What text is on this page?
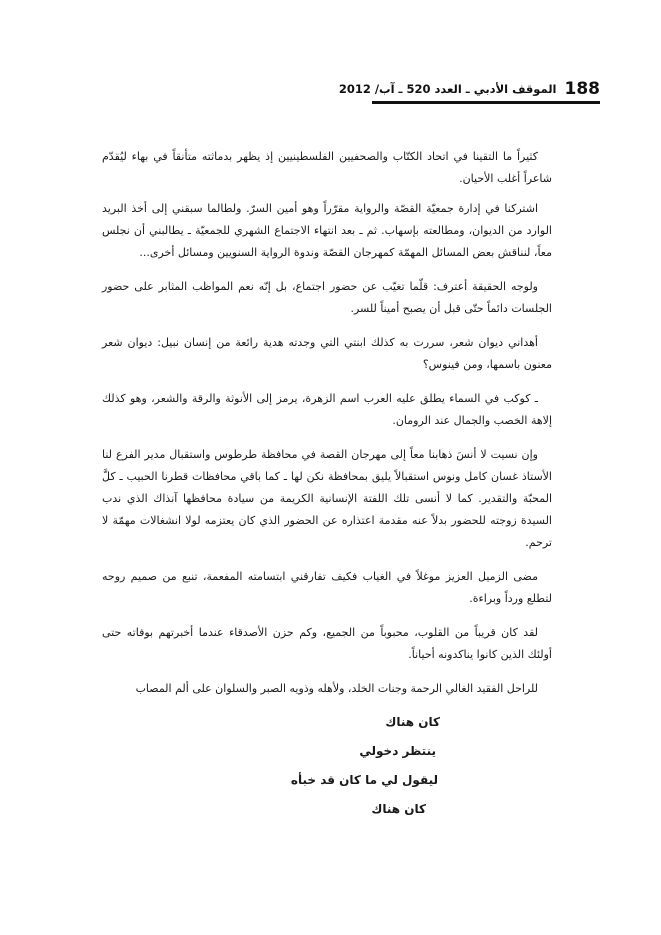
188
الموقف الأدبي ـ العدد 520 ـ آب/ 2012

كثيراً ما التقينا في اتحاد الكتّاب والصحفيين الفلسطينيين إذ يظهر بدماثته متأنقاً في بهاء ليُقدّم شاعراً أغلب الأحيان.

اشتركنا في إدارة جمعيّة القصّة والرواية مقرّراً وهو أمين السرّ. ولطالما سبقني إلى أخذ البريد الوارد من الديوان، ومطالعته بإسهاب. ثم ـ بعد انتهاء الاجتماع الشهري للجمعيّة ـ يطالبني أن نجلس معاً، لنناقش بعض المسائل المهمّة كمهرجان القصّة وندوة الرواية السنويين ومسائل أخرى...

ولوجه الحقيقة أعترف: قلّما تغيّب عن حضور اجتماع، بل إنّه نعم المواظب المثابر على حضور الجلسات دائماً حتّى قبل أن يصبح أميناً للسر.

أهداني ديوان شعر، سررت به كذلك ابنتي التي وجدته هدية رائعة من إنسان نبيل: ديوان شعر معنون باسمها، ومن فينوس؟

ـ كوكب في السماء يطلق عليه العرب اسم الزهرة، يرمز إلى الأنوثة والرقة والشعر، وهو كذلك إلاهة الخصب والجمال عند الرومان.

وإن نسيت لا أنسَ ذهابنا معاً إلى مهرجان القصة في محافظة طرطوس واستقبال مدير الفرع لنا الأستاذ غسان كامل ونوس استقبالاً يليق بمحافظة نكن لها ـ كما باقي محافظات قطرنا الحبيب ـ كلَّ المحبّة والتقدير. كما لا أنسى تلك اللفتة الإنسانية الكريمة من سيادة محافظها آنذاك الذي ندب السيدة زوجته للحضور بدلاً عنه مقدمة اعتذاره عن الحضور الذي كان يعتزمه لولا انشغالات مهمّة لا ترحم.

مضى الزميل العزيز موغلاً في الغياب فكيف تفارقني ابتسامته المفعمة، تنبع من صميم روحه لتطلع ورداً وبراءة.

لقد كان قريباً من القلوب، محبوباً من الجميع، وكم حزن الأصدقاء عندما أخبرتهم بوفاته حتى أولئك الذين كانوا يناكدونه أحياناً.

للراحل الفقيد الغالي الرحمة وجنات الخلد، ولأهله وذويه الصبر والسلوان على ألم المصاب

كان هناك
ينتظر دخولي
ليقول لي ما كان قد خبأه
كان هناك
